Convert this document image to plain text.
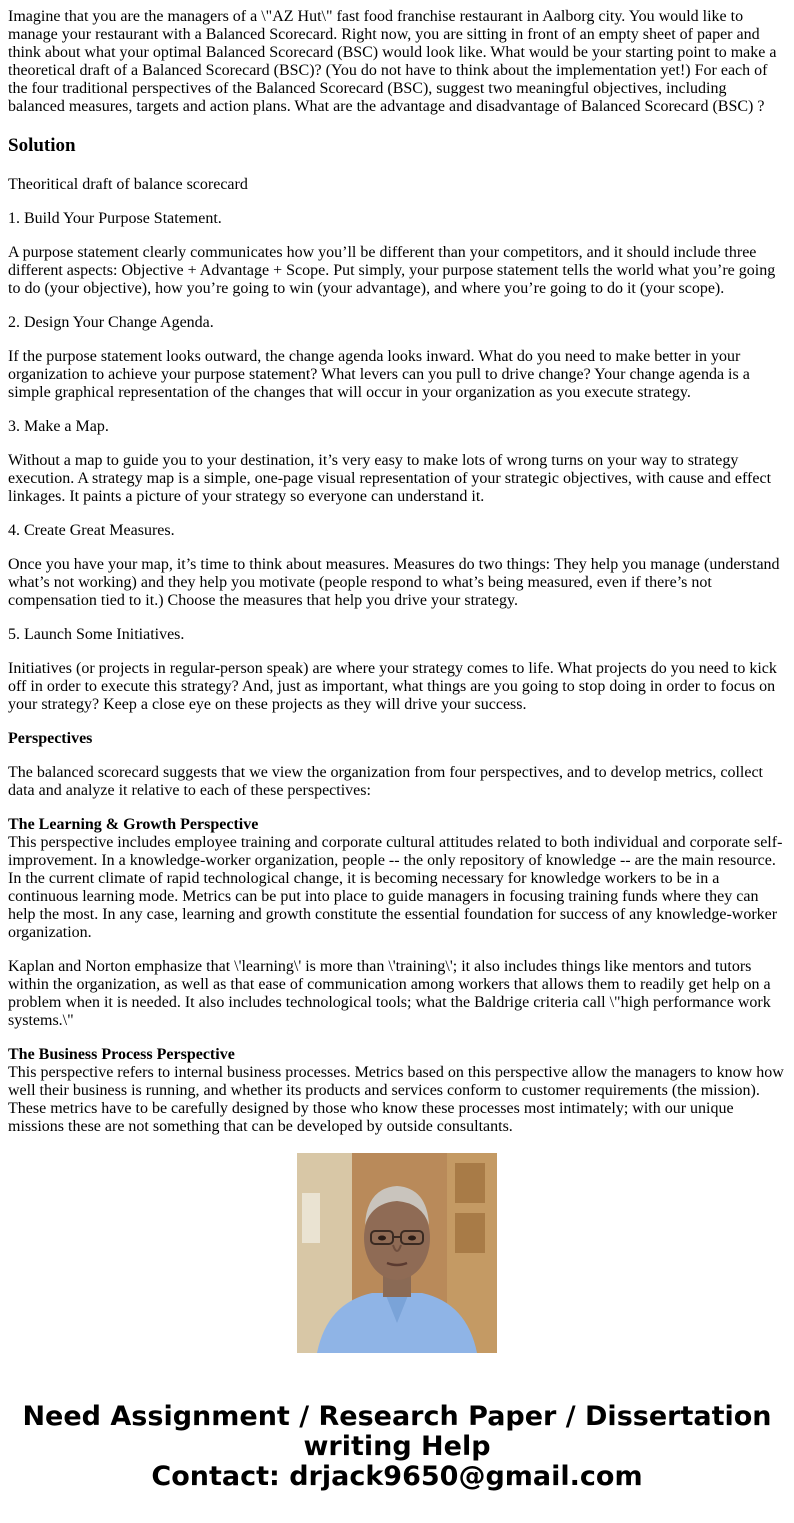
Imagine that you are the managers of a \"AZ Hut\" fast food franchise restaurant in Aalborg city. You would like to manage your restaurant with a Balanced Scorecard. Right now, you are sitting in front of an empty sheet of paper and think about what your optimal Balanced Scorecard (BSC) would look like. What would be your starting point to make a theoretical draft of a Balanced Scorecard (BSC)? (You do not have to think about the implementation yet!) For each of the four traditional perspectives of the Balanced Scorecard (BSC), suggest two meaningful objectives, including balanced measures, targets and action plans. What are the advantage and disadvantage of Balanced Scorecard (BSC) ?

Solution

Theoritical draft of balance scorecard

1. Build Your Purpose Statement.

A purpose statement clearly communicates how you’ll be different than your competitors, and it should include three different aspects: Objective + Advantage + Scope. Put simply, your purpose statement tells the world what you’re going to do (your objective), how you’re going to win (your advantage), and where you’re going to do it (your scope).

2. Design Your Change Agenda.

If the purpose statement looks outward, the change agenda looks inward. What do you need to make better in your organization to achieve your purpose statement? What levers can you pull to drive change? Your change agenda is a simple graphical representation of the changes that will occur in your organization as you execute strategy.

3. Make a Map.

Without a map to guide you to your destination, it’s very easy to make lots of wrong turns on your way to strategy execution. A strategy map is a simple, one-page visual representation of your strategic objectives, with cause and effect linkages. It paints a picture of your strategy so everyone can understand it.

4. Create Great Measures.

Once you have your map, it’s time to think about measures. Measures do two things: They help you manage (understand what’s not working) and they help you motivate (people respond to what’s being measured, even if there’s not compensation tied to it.) Choose the measures that help you drive your strategy.

5. Launch Some Initiatives.

Initiatives (or projects in regular-person speak) are where your strategy comes to life. What projects do you need to kick off in order to execute this strategy? And, just as important, what things are you going to stop doing in order to focus on your strategy? Keep a close eye on these projects as they will drive your success.

Perspectives

The balanced scorecard suggests that we view the organization from four perspectives, and to develop metrics, collect data and analyze it relative to each of these perspectives:

The Learning & Growth Perspective
This perspective includes employee training and corporate cultural attitudes related to both individual and corporate self-improvement. In a knowledge-worker organization, people -- the only repository of knowledge -- are the main resource. In the current climate of rapid technological change, it is becoming necessary for knowledge workers to be in a continuous learning mode. Metrics can be put into place to guide managers in focusing training funds where they can help the most. In any case, learning and growth constitute the essential foundation for success of any knowledge-worker organization.

Kaplan and Norton emphasize that \'learning\' is more than \'training\'; it also includes things like mentors and tutors within the organization, as well as that ease of communication among workers that allows them to readily get help on a problem when it is needed. It also includes technological tools; what the Baldrige criteria call \"high performance work systems.\"

The Business Process Perspective
This perspective refers to internal business processes. Metrics based on this perspective allow the managers to know how well their business is running, and whether its products and services conform to customer requirements (the mission). These metrics have to be carefully designed by those who know these processes most intimately; with our unique missions these are not something that can be developed by outside consultants.

Need Assignment / Research Paper / Dissertation
writing Help
Contact: drjack9650@gmail.com
